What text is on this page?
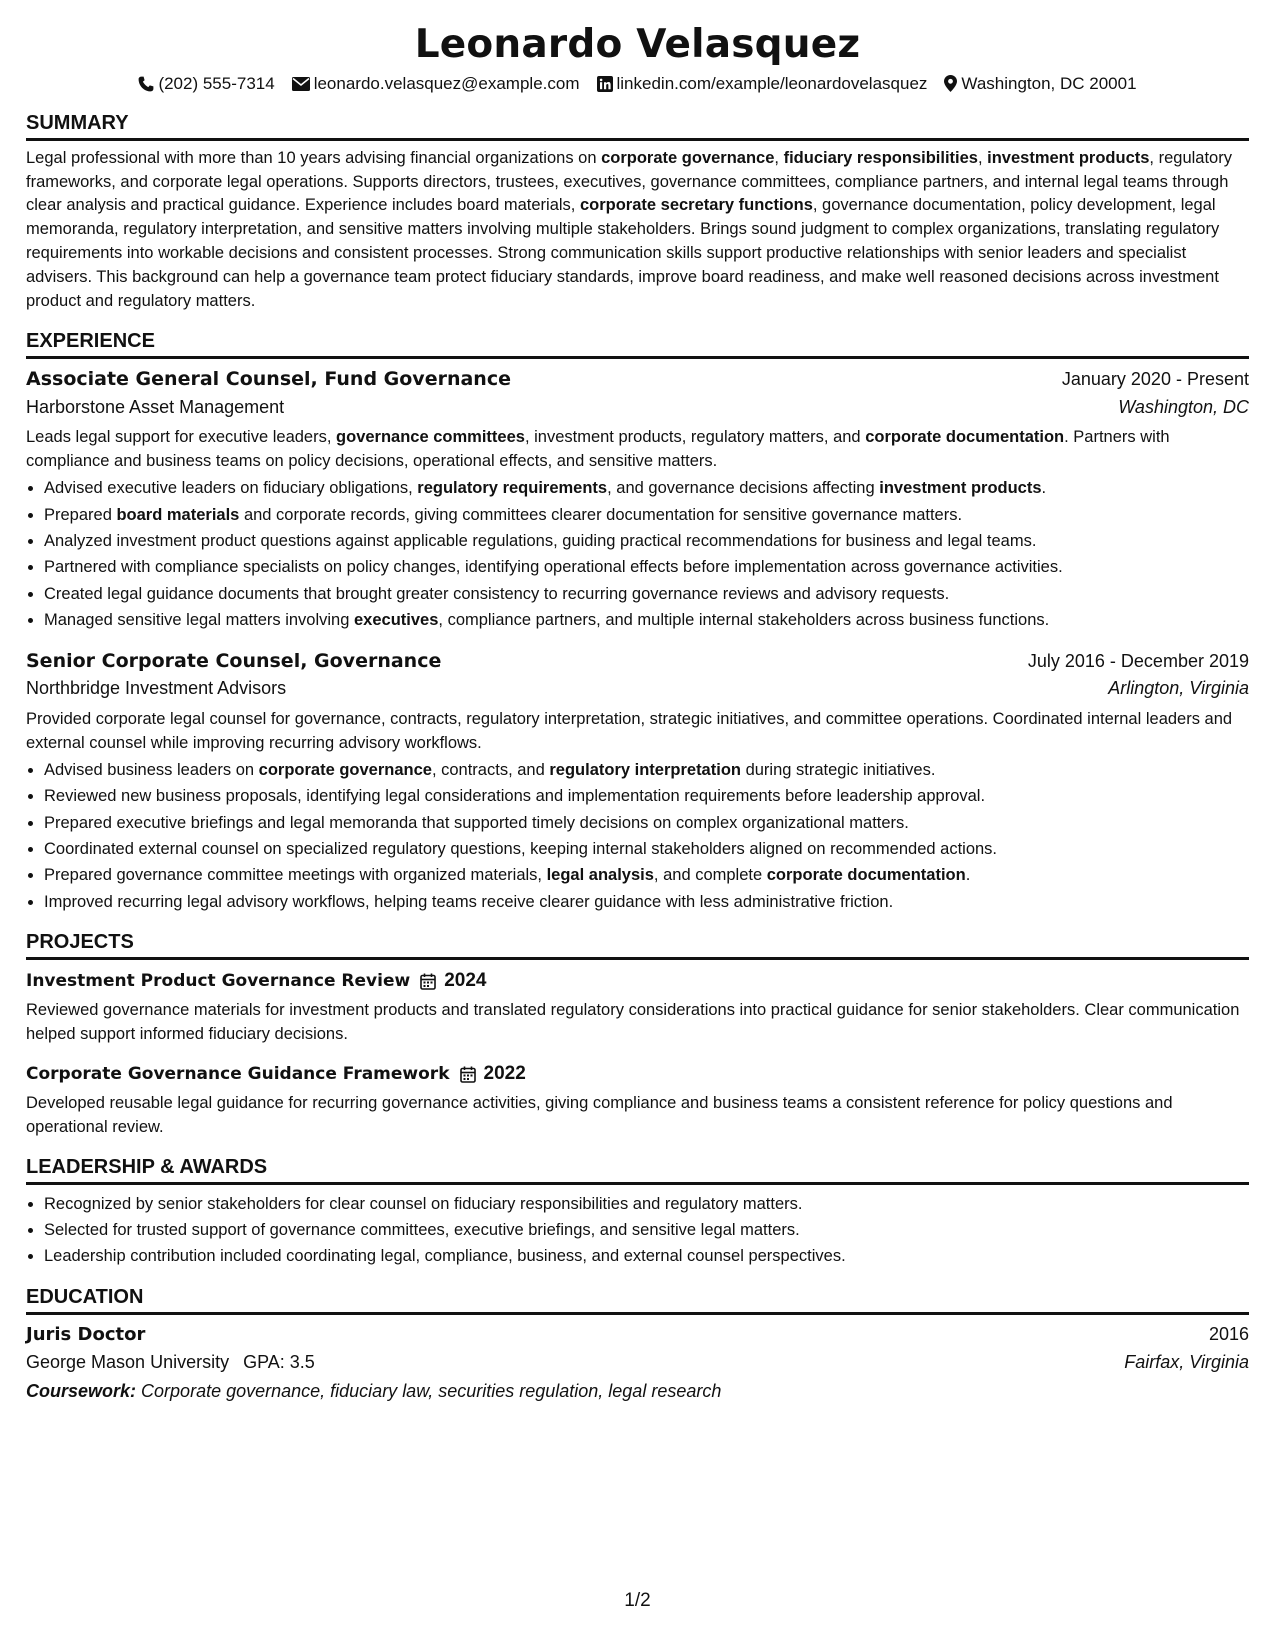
Leonardo Velasquez
(202) 555-7314 leonardo.velasquez@example.com linkedin.com/example/leonardovelasquez Washington, DC 20001
SUMMARY

Legal professional with more than 10 years advising financial organizations on corporate governance, fiduciary responsibilities, investment products, regulatory frameworks, and corporate legal operations. Supports directors, trustees, executives, governance committees, compliance partners, and internal legal teams through clear analysis and practical guidance. Experience includes board materials, corporate secretary functions, governance documentation, policy development, legal memoranda, regulatory interpretation, and sensitive matters involving multiple stakeholders. Brings sound judgment to complex organizations, translating regulatory requirements into workable decisions and consistent processes. Strong communication skills support productive relationships with senior leaders and specialist advisers. This background can help a governance team protect fiduciary standards, improve board readiness, and make well reasoned decisions across investment product and regulatory matters.

EXPERIENCE
Associate General Counsel, Fund Governance	January 2020 - Present
Harborstone Asset Management	Washington, DC

Leads legal support for executive leaders, governance committees, investment products, regulatory matters, and corporate documentation. Partners with compliance and business teams on policy decisions, operational effects, and sensitive matters.

• Advised executive leaders on fiduciary obligations, regulatory requirements, and governance decisions affecting investment products.
• Prepared board materials and corporate records, giving committees clearer documentation for sensitive governance matters.
• Analyzed investment product questions against applicable regulations, guiding practical recommendations for business and legal teams.
• Partnered with compliance specialists on policy changes, identifying operational effects before implementation across governance activities.
• Created legal guidance documents that brought greater consistency to recurring governance reviews and advisory requests.
• Managed sensitive legal matters involving executives, compliance partners, and multiple internal stakeholders across business functions.
Senior Corporate Counsel, Governance	July 2016 - December 2019
Northbridge Investment Advisors	Arlington, Virginia

Provided corporate legal counsel for governance, contracts, regulatory interpretation, strategic initiatives, and committee operations. Coordinated internal leaders and external counsel while improving recurring advisory workflows.

• Advised business leaders on corporate governance, contracts, and regulatory interpretation during strategic initiatives.
• Reviewed new business proposals, identifying legal considerations and implementation requirements before leadership approval.
• Prepared executive briefings and legal memoranda that supported timely decisions on complex organizational matters.
• Coordinated external counsel on specialized regulatory questions, keeping internal stakeholders aligned on recommended actions.
• Prepared governance committee meetings with organized materials, legal analysis, and complete corporate documentation.
• Improved recurring legal advisory workflows, helping teams receive clearer guidance with less administrative friction.
PROJECTS
Investment Product Governance Review 2024

Reviewed governance materials for investment products and translated regulatory considerations into practical guidance for senior stakeholders. Clear communication helped support informed fiduciary decisions.

Corporate Governance Guidance Framework 2022

Developed reusable legal guidance for recurring governance activities, giving compliance and business teams a consistent reference for policy questions and operational review.

LEADERSHIP & AWARDS
• Recognized by senior stakeholders for clear counsel on fiduciary responsibilities and regulatory matters.
• Selected for trusted support of governance committees, executive briefings, and sensitive legal matters.
• Leadership contribution included coordinating legal, compliance, business, and external counsel perspectives.
EDUCATION
Juris Doctor	2016
George Mason University GPA: 3.5	Fairfax, Virginia
Coursework: Corporate governance, fiduciary law, securities regulation, legal research
1/2
